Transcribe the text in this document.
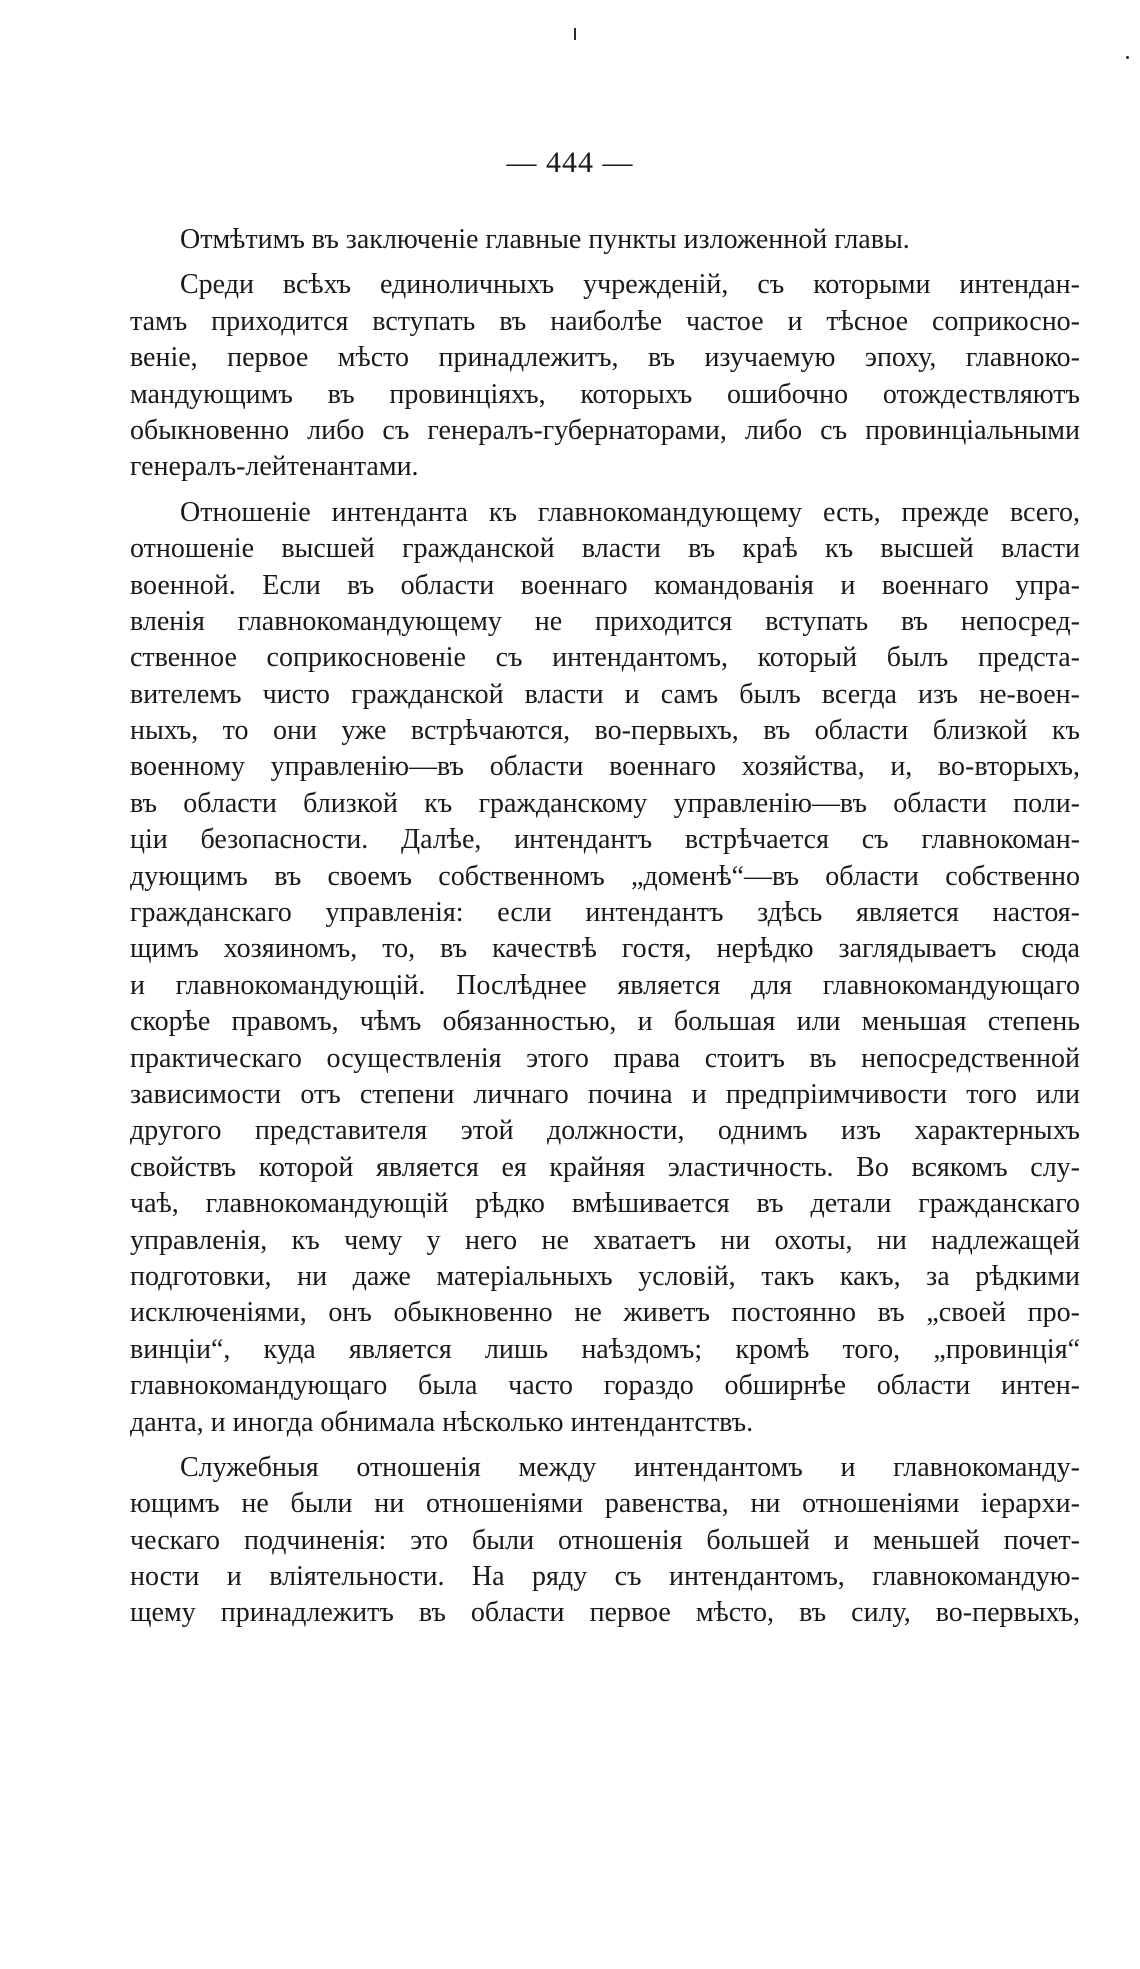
— 444 —
Отмѣтимъ въ заключеніе главные пункты изложенной главы.
Среди всѣхъ единоличныхъ учрежденій, съ которыми интендан-
тамъ приходится вступать въ наиболѣе частое и тѣсное соприкосно-
веніе, первое мѣсто принадлежитъ, въ изучаемую эпоху, главноко-
мандующимъ въ провинціяхъ, которыхъ ошибочно отождествляютъ
обыкновенно либо съ генералъ-губернаторами, либо съ провинціальными
генералъ-лейтенантами.
Отношеніе интенданта къ главнокомандующему есть, прежде всего,
отношеніе высшей гражданской власти въ краѣ къ высшей власти
военной. Если въ области военнаго командованія и военнаго упра-
вленія главнокомандующему не приходится вступать въ непосред-
ственное соприкосновеніе съ интендантомъ, который былъ предста-
вителемъ чисто гражданской власти и самъ былъ всегда изъ не-воен-
ныхъ, то они уже встрѣчаются, во-первыхъ, въ области близкой къ
военному управленію—въ области военнаго хозяйства, и, во-вторыхъ,
въ области близкой къ гражданскому управленію—въ области поли-
ціи безопасности. Далѣе, интендантъ встрѣчается съ главнокоман-
дующимъ въ своемъ собственномъ „доменѣ“—въ области собственно
гражданскаго управленія: если интендантъ здѣсь является настоя-
щимъ хозяиномъ, то, въ качествѣ гостя, нерѣдко заглядываетъ сюда
и главнокомандующій. Послѣднее является для главнокомандующаго
скорѣе правомъ, чѣмъ обязанностью, и большая или меньшая степень
практическаго осуществленія этого права стоитъ въ непосредственной
зависимости отъ степени личнаго почина и предпріимчивости того или
другого представителя этой должности, однимъ изъ характерныхъ
свойствъ которой является ея крайняя эластичность. Во всякомъ слу-
чаѣ, главнокомандующій рѣдко вмѣшивается въ детали гражданскаго
управленія, къ чему у него не хватаетъ ни охоты, ни надлежащей
подготовки, ни даже матеріальныхъ условій, такъ какъ, за рѣдкими
исключеніями, онъ обыкновенно не живетъ постоянно въ „своей про-
винціи“, куда является лишь наѣздомъ; кромѣ того, „провинція“
главнокомандующаго была часто гораздо обширнѣе области интен-
данта, и иногда обнимала нѣсколько интендантствъ.
Служебныя отношенія между интендантомъ и главнокоманду-
ющимъ не были ни отношеніями равенства, ни отношеніями іерархи-
ческаго подчиненія: это были отношенія большей и меньшей почет-
ности и вліятельности. На ряду съ интендантомъ, главнокомандую-
щему принадлежитъ въ области первое мѣсто, въ силу, во-первыхъ,
